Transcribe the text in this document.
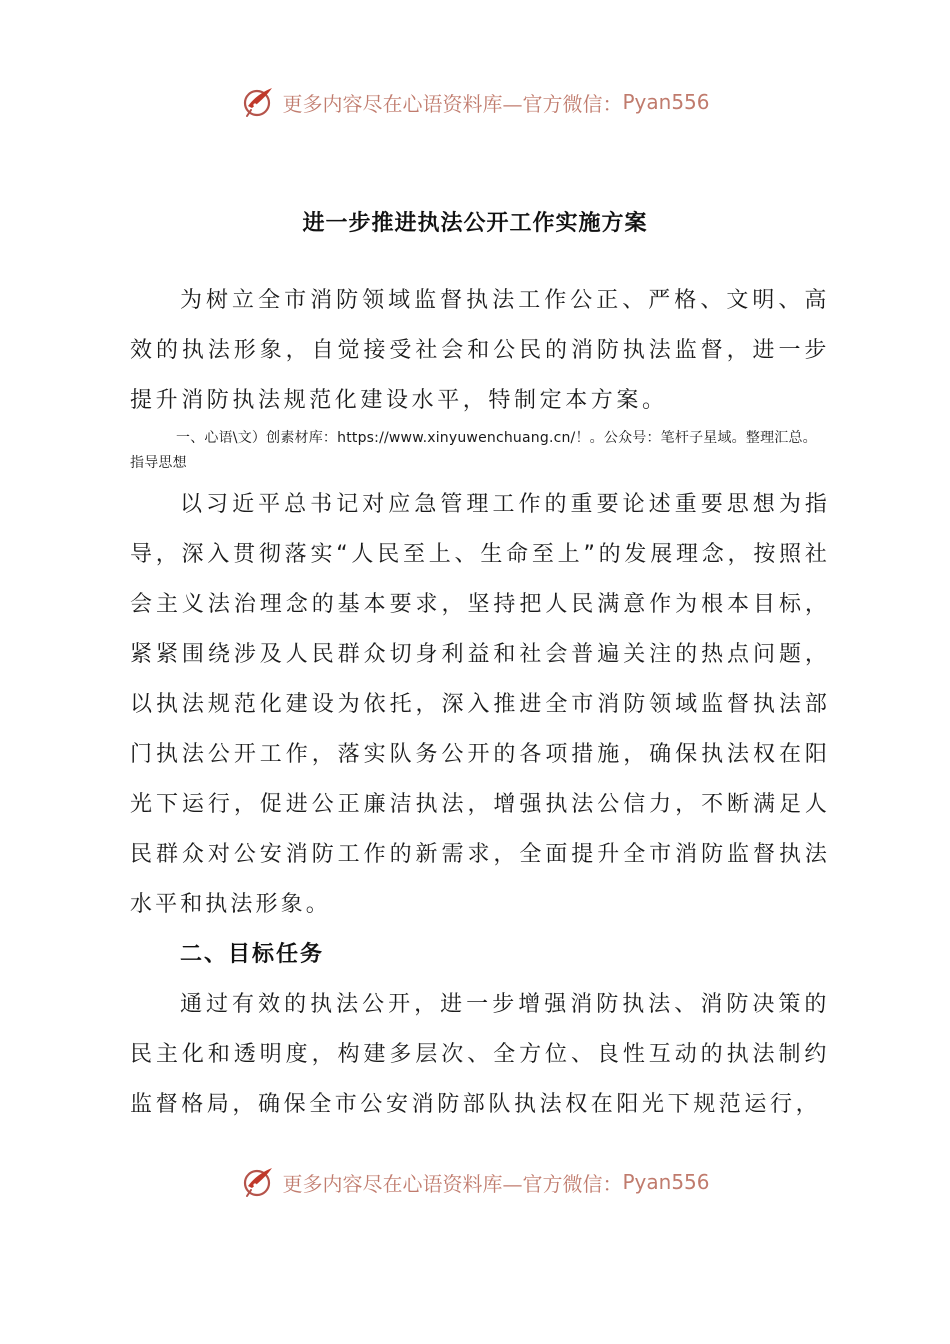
更多内容尽在心语资料库—官方微信： Pyan556
进一步推进执法公开工作实施方案

为树立全市消防领域监督执法工作公正、严格、文明、高效的执法形象，自觉接受社会和公民的消防执法监督，进一步提升消防执法规范化建设水平，特制定本方案。

一、心语\文）创素材库：https://www.xinyuwenchuang.cn/！。公众号：笔杆子星域。整理汇总。指导思想

以习近平总书记对应急管理工作的重要论述重要思想为指导，深入贯彻落实“人民至上、生命至上”的发展理念，按照社会主义法治理念的基本要求，坚持把人民满意作为根本目标，紧紧围绕涉及人民群众切身利益和社会普遍关注的热点问题，以执法规范化建设为依托，深入推进全市消防领域监督执法部门执法公开工作，落实队务公开的各项措施，确保执法权在阳光下运行，促进公正廉洁执法，增强执法公信力，不断满足人民群众对公安消防工作的新需求，全面提升全市消防监督执法水平和执法形象。

二、目标任务

通过有效的执法公开，进一步增强消防执法、消防决策的民主化和透明度，构建多层次、全方位、良性互动的执法制约监督格局，确保全市公安消防部队执法权在阳光下规范运行，

更多内容尽在心语资料库—官方微信： Pyan556
